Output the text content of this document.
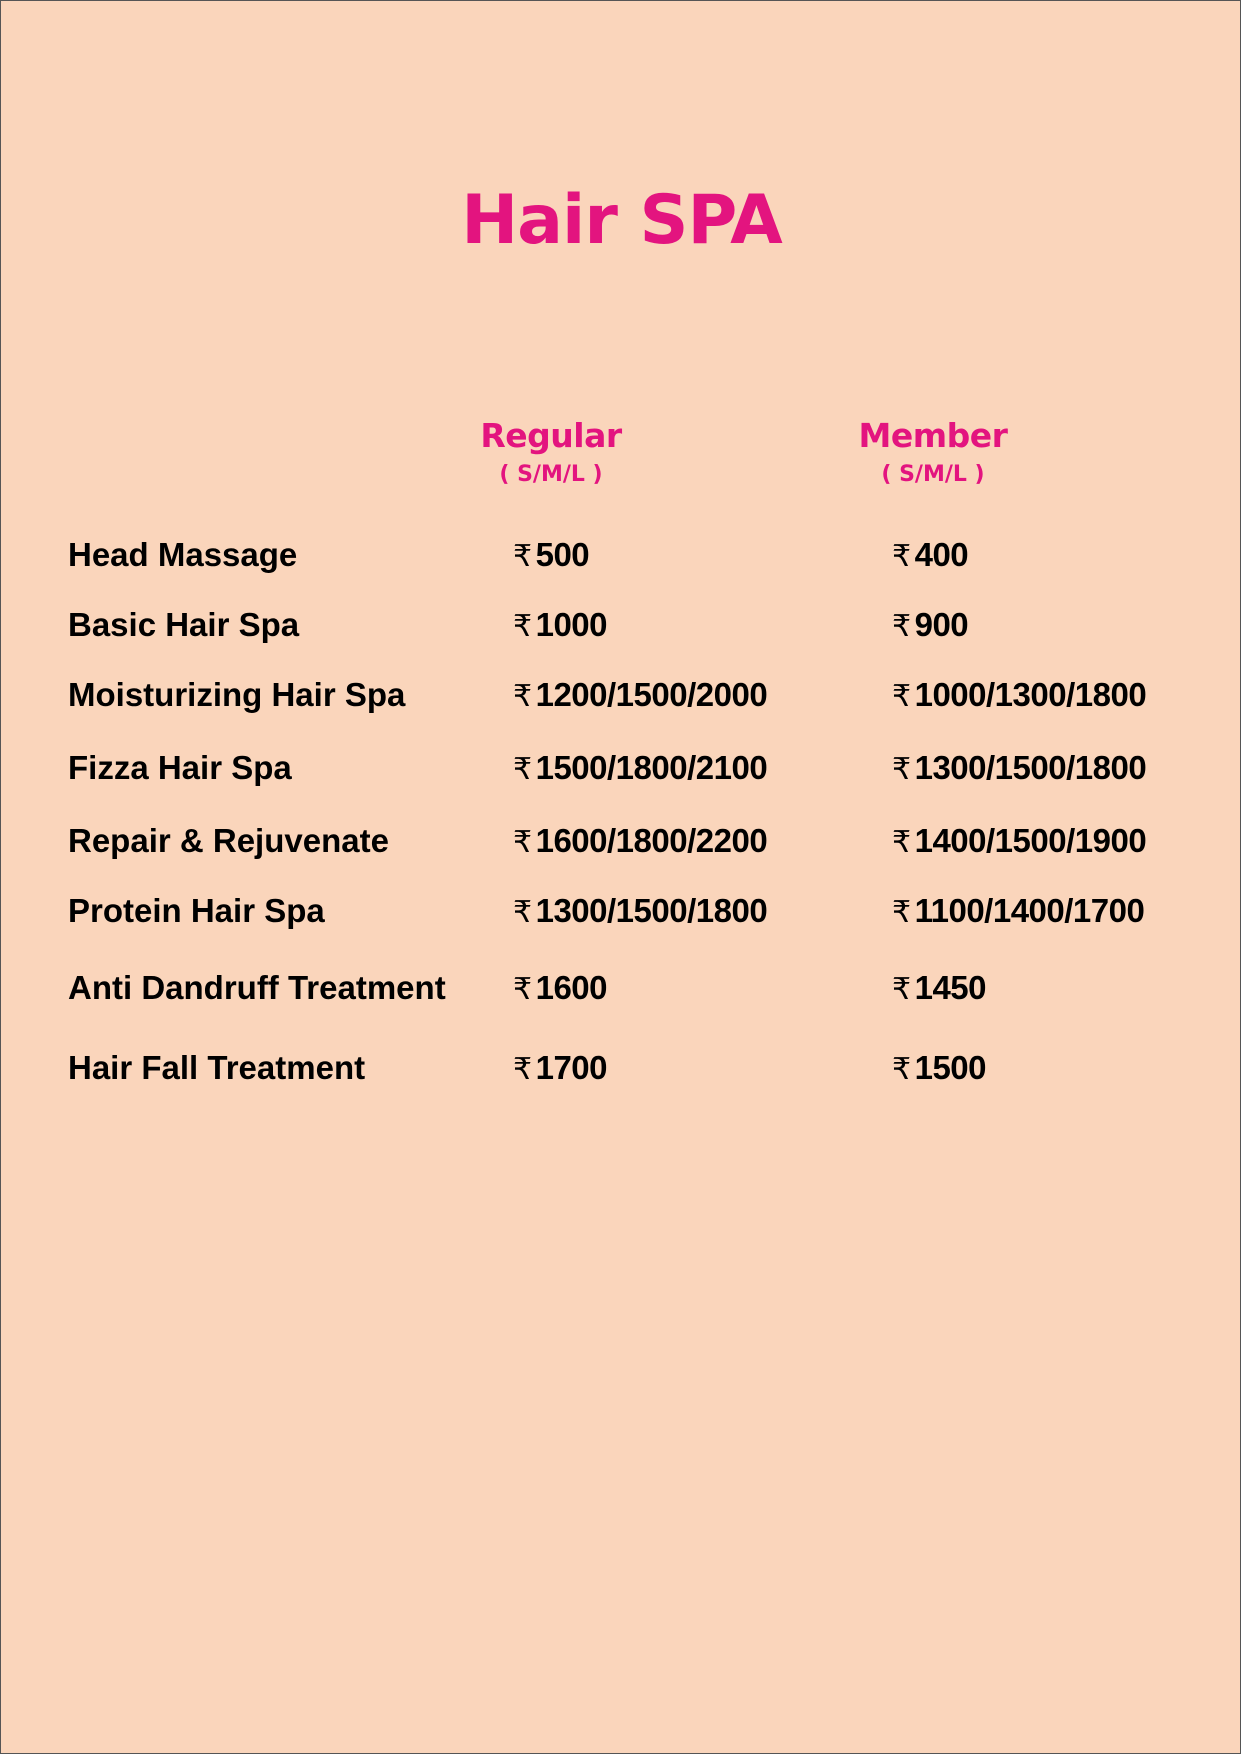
Hair SPA
Regular
( S/M/L )
Member
( S/M/L )
Head Massage	₹ 500	₹ 400
Basic Hair Spa	₹ 1000	₹ 900
Moisturizing Hair Spa	₹ 1200/1500/2000	₹ 1000/1300/1800
Fizza Hair Spa	₹ 1500/1800/2100	₹ 1300/1500/1800
Repair & Rejuvenate	₹ 1600/1800/2200	₹ 1400/1500/1900
Protein Hair Spa	₹ 1300/1500/1800	₹ 1100/1400/1700
Anti Dandruff Treatment ₹ 1600	₹ 1450
Hair Fall Treatment	₹ 1700	₹ 1500
